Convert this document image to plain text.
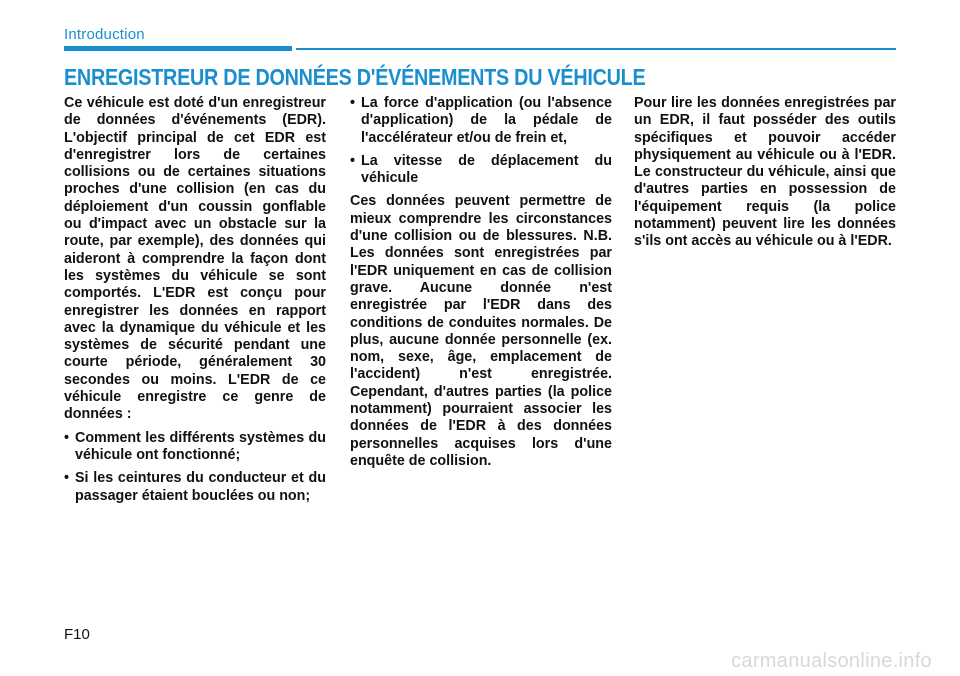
Introduction
ENREGISTREUR DE DONNÉES D'ÉVÉNEMENTS DU VÉHICULE

Ce véhicule est doté d'un enregistreur de données d'événements (EDR). L'objectif principal de cet EDR est d'enregistrer lors de certaines collisions ou de certaines situations proches d'une collision (en cas du déploiement d'un coussin gonflable ou d'impact avec un obstacle sur la route, par exemple), des données qui aideront à comprendre la façon dont les systèmes du véhicule se sont comportés. L'EDR est conçu pour enregistrer les données en rapport avec la dynamique du véhicule et les systèmes de sécurité pendant une courte période, généralement 30 secondes ou moins. L'EDR de ce véhicule enregistre ce genre de données :

• Comment les différents systèmes du véhicule ont fonctionné;
• Si les ceintures du conducteur et du passager étaient bouclées ou non;
• La force d'application (ou l'absence d'application) de la pédale de l'accélérateur et/ou de frein et,
• La vitesse de déplacement du véhicule

Ces données peuvent permettre de mieux comprendre les circonstances d'une collision ou de blessures. N.B. Les données sont enregistrées par l'EDR uniquement en cas de collision grave. Aucune donnée n'est enregistrée par l'EDR dans des conditions de conduites normales. De plus, aucune donnée personnelle (ex. nom, sexe, âge, emplacement de l'accident) n'est enregistrée. Cependant, d'autres parties (la police notamment) pourraient associer les données de l'EDR à des données personnelles acquises lors d'une enquête de collision.

Pour lire les données enregistrées par un EDR, il faut posséder des outils spécifiques et pouvoir accéder physiquement au véhicule ou à l'EDR. Le constructeur du véhicule, ainsi que d'autres parties en possession de l'équipement requis (la police notamment) peuvent lire les données s'ils ont accès au véhicule ou à l'EDR.

F10
carmanualsonline.info
